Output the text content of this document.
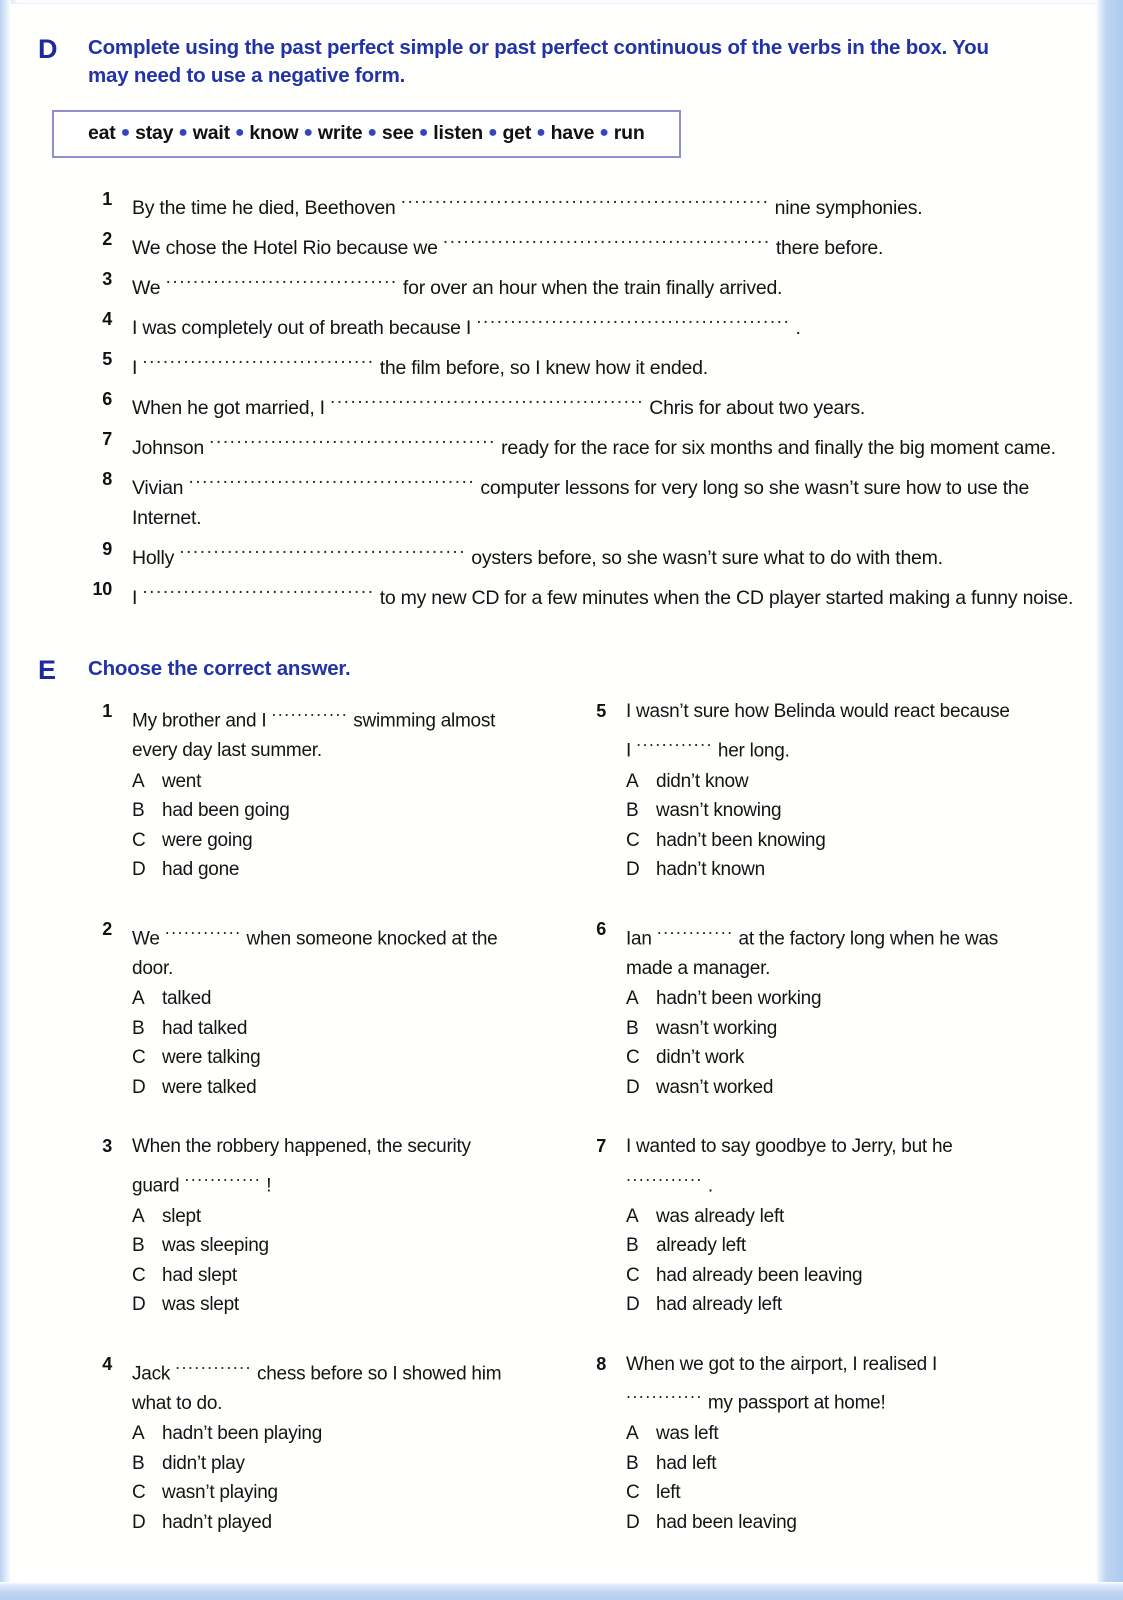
D Complete using the past perfect simple or past perfect continuous of the verbs in the box. You may need to use a negative form.
eat ● stay ● wait ● know ● write ● see ● listen ● get ● have ● run
1 By the time he died, Beethoven ...................................................... nine symphonies.
2 We chose the Hotel Rio because we ................................................ there before.
3 We .................................. for over an hour when the train finally arrived.
4 I was completely out of breath because I .............................................. .
5 I .................................. the film before, so I knew how it ended.
6 When he got married, I .............................................. Chris for about two years.
7 Johnson .......................................... ready for the race for six months and finally the big moment came.
8 Vivian .......................................... computer lessons for very long so she wasn’t sure how to use the Internet.
9 Holly .......................................... oysters before, so she wasn’t sure what to do with them.
10 I .................................. to my new CD for a few minutes when the CD player started making a funny noise.
E Choose the correct answer.
1 My brother and I ............ swimming almost every day last summer.
A went
B had been going
C were going
D had gone
2 We ............ when someone knocked at the door.
A talked
B had talked
C were talking
D were talked
3 When the robbery happened, the security guard ............ !
A slept
B was sleeping
C had slept
D was slept
4 Jack ............ chess before so I showed him what to do.
A hadn’t been playing
B didn’t play
C wasn’t playing
D hadn’t played
5 I wasn’t sure how Belinda would react because I ............ her long.
A didn’t know
B wasn’t knowing
C hadn’t been knowing
D hadn’t known
6 Ian ............ at the factory long when he was made a manager.
A hadn’t been working
B wasn’t working
C didn’t work
D wasn’t worked
7 I wanted to say goodbye to Jerry, but he ............ .
A was already left
B already left
C had already been leaving
D had already left
8 When we got to the airport, I realised I ............ my passport at home!
A was left
B had left
C left
D had been leaving
